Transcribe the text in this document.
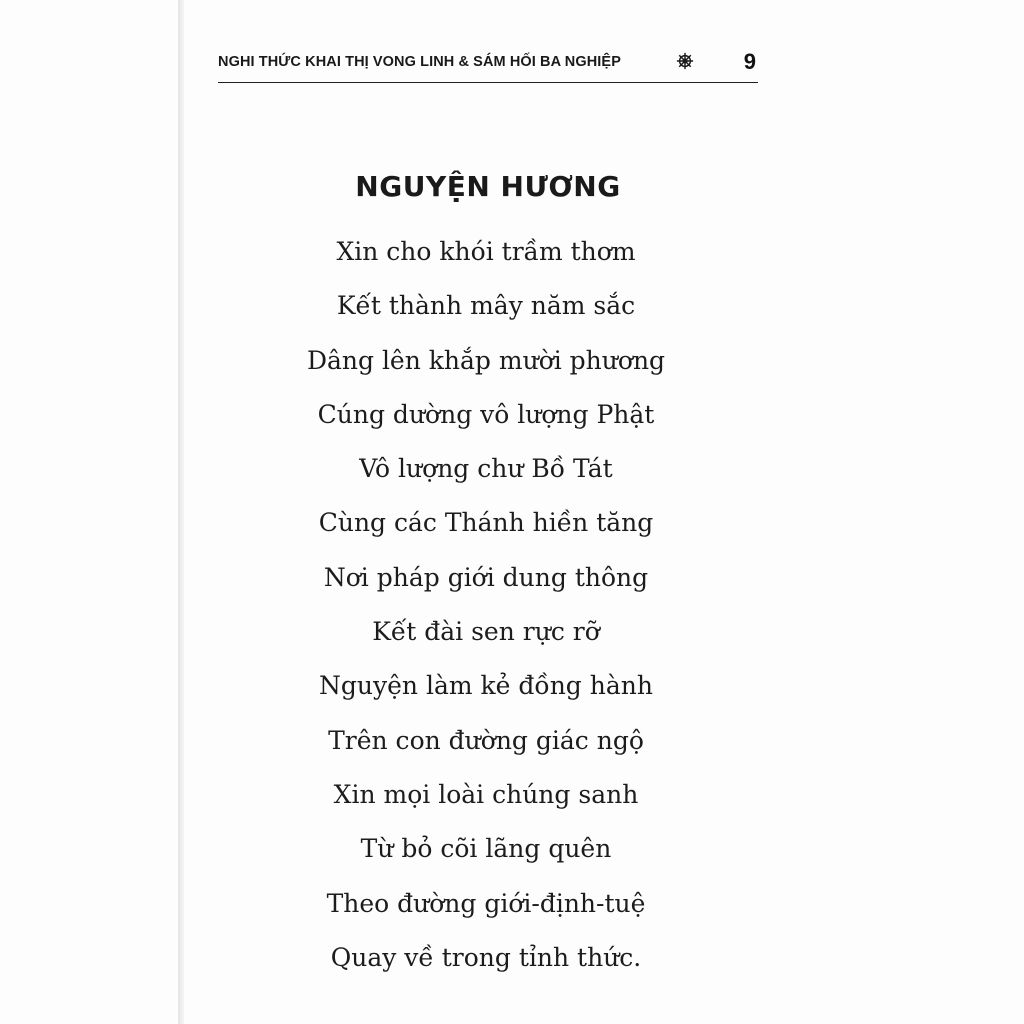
NGHI THỨC KHAI THỊ VONG LINH & SÁM HỐI BA NGHIỆP	9
NGUYỆN HƯƠNG
Xin cho khói trầm thơm
Kết thành mây năm sắc
Dâng lên khắp mười phương
Cúng dường vô lượng Phật
Vô lượng chư Bồ Tát
Cùng các Thánh hiền tăng
Nơi pháp giới dung thông
Kết đài sen rực rỡ
Nguyện làm kẻ đồng hành
Trên con đường giác ngộ
Xin mọi loài chúng sanh
Từ bỏ cõi lãng quên
Theo đường giới-định-tuệ
Quay về trong tỉnh thức.
